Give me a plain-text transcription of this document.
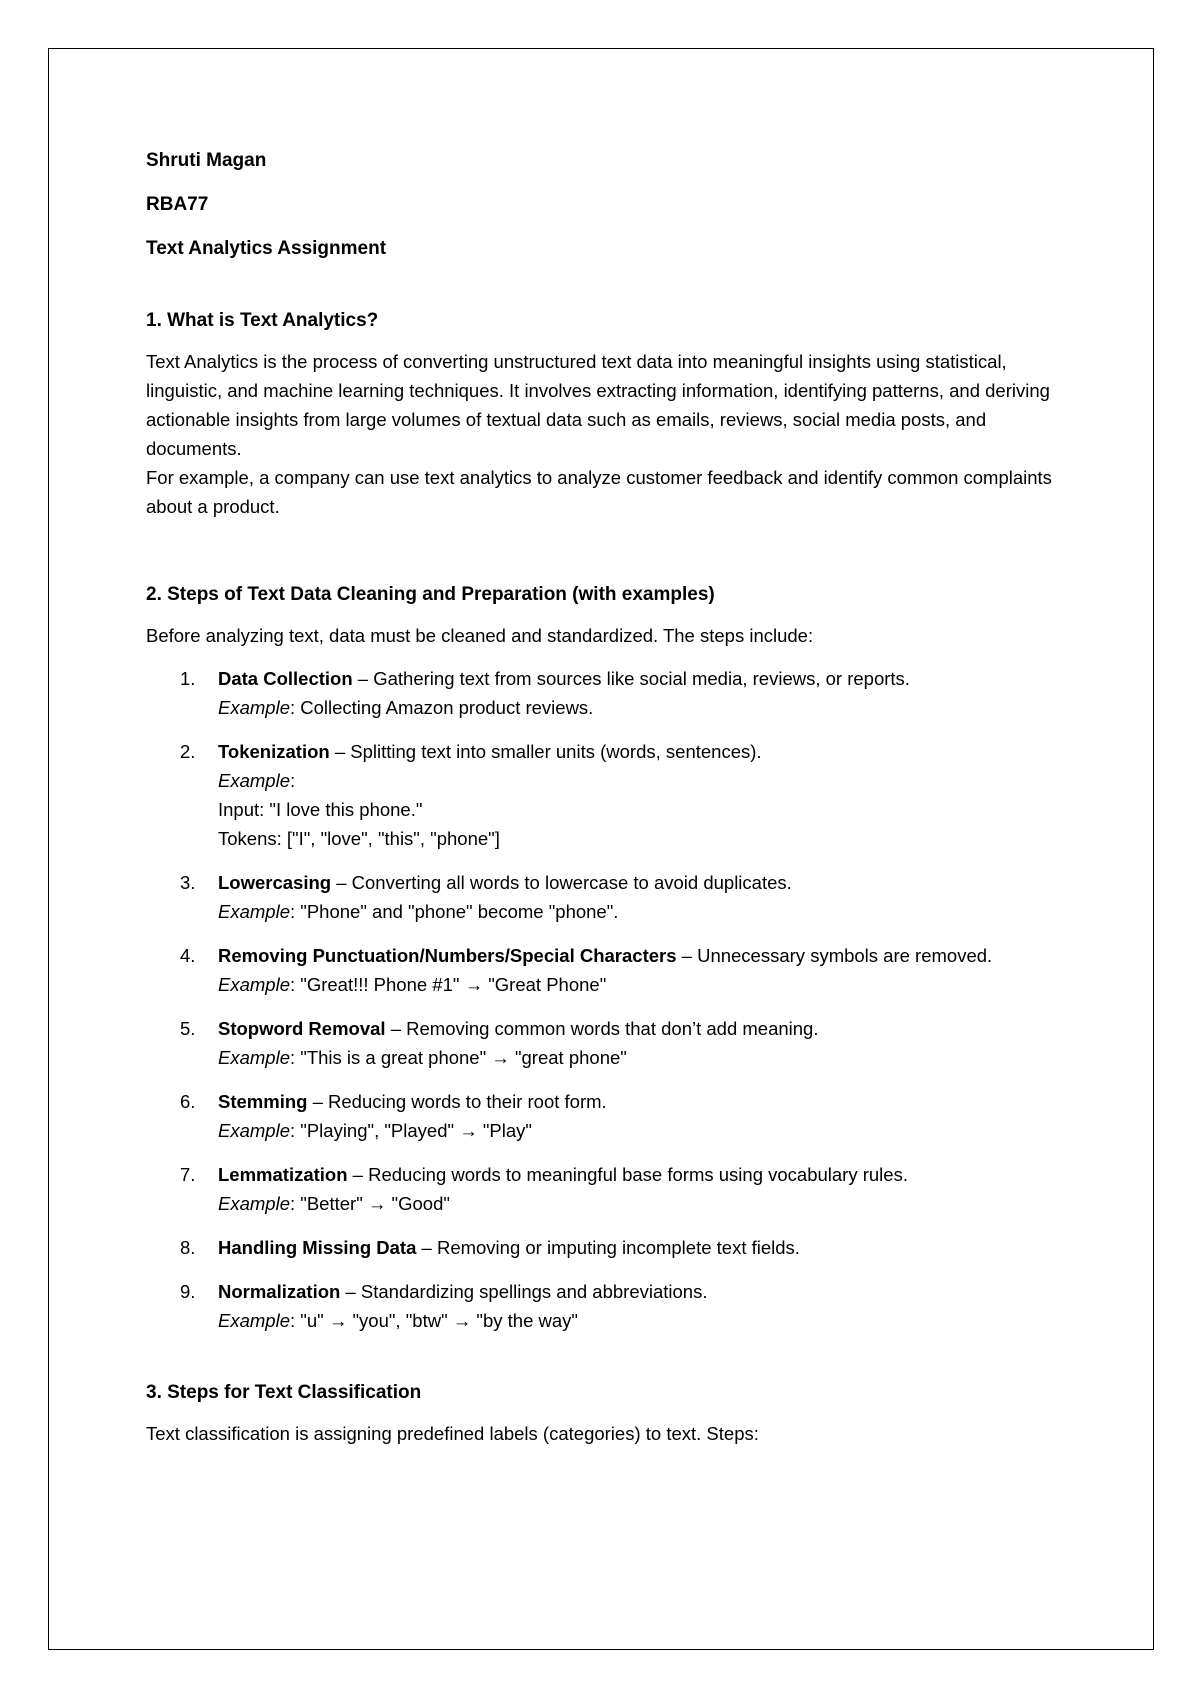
Shruti Magan
RBA77
Text Analytics Assignment
1. What is Text Analytics?

Text Analytics is the process of converting unstructured text data into meaningful insights using statistical, linguistic, and machine learning techniques. It involves extracting information, identifying patterns, and deriving actionable insights from large volumes of textual data such as emails, reviews, social media posts, and documents.

For example, a company can use text analytics to analyze customer feedback and identify common complaints about a product.

2. Steps of Text Data Cleaning and Preparation (with examples)

Before analyzing text, data must be cleaned and standardized. The steps include:

1. Data Collection – Gathering text from sources like social media, reviews, or reports.
Example: Collecting Amazon product reviews.
2. Tokenization – Splitting text into smaller units (words, sentences).
Example:
Input: "I love this phone."
Tokens: ["I", "love", "this", "phone"]
3. Lowercasing – Converting all words to lowercase to avoid duplicates.
Example: "Phone" and "phone" become "phone".
4. Removing Punctuation/Numbers/Special Characters – Unnecessary symbols are removed.
Example: "Great!!! Phone #1" → "Great Phone"
5. Stopword Removal – Removing common words that don’t add meaning.
Example: "This is a great phone" → "great phone"
6. Stemming – Reducing words to their root form.
Example: "Playing", "Played" → "Play"
7. Lemmatization – Reducing words to meaningful base forms using vocabulary rules.
Example: "Better" → "Good"
8. Handling Missing Data – Removing or imputing incomplete text fields.
9. Normalization – Standardizing spellings and abbreviations.
Example: "u" → "you", "btw" → "by the way"
3. Steps for Text Classification

Text classification is assigning predefined labels (categories) to text. Steps:
